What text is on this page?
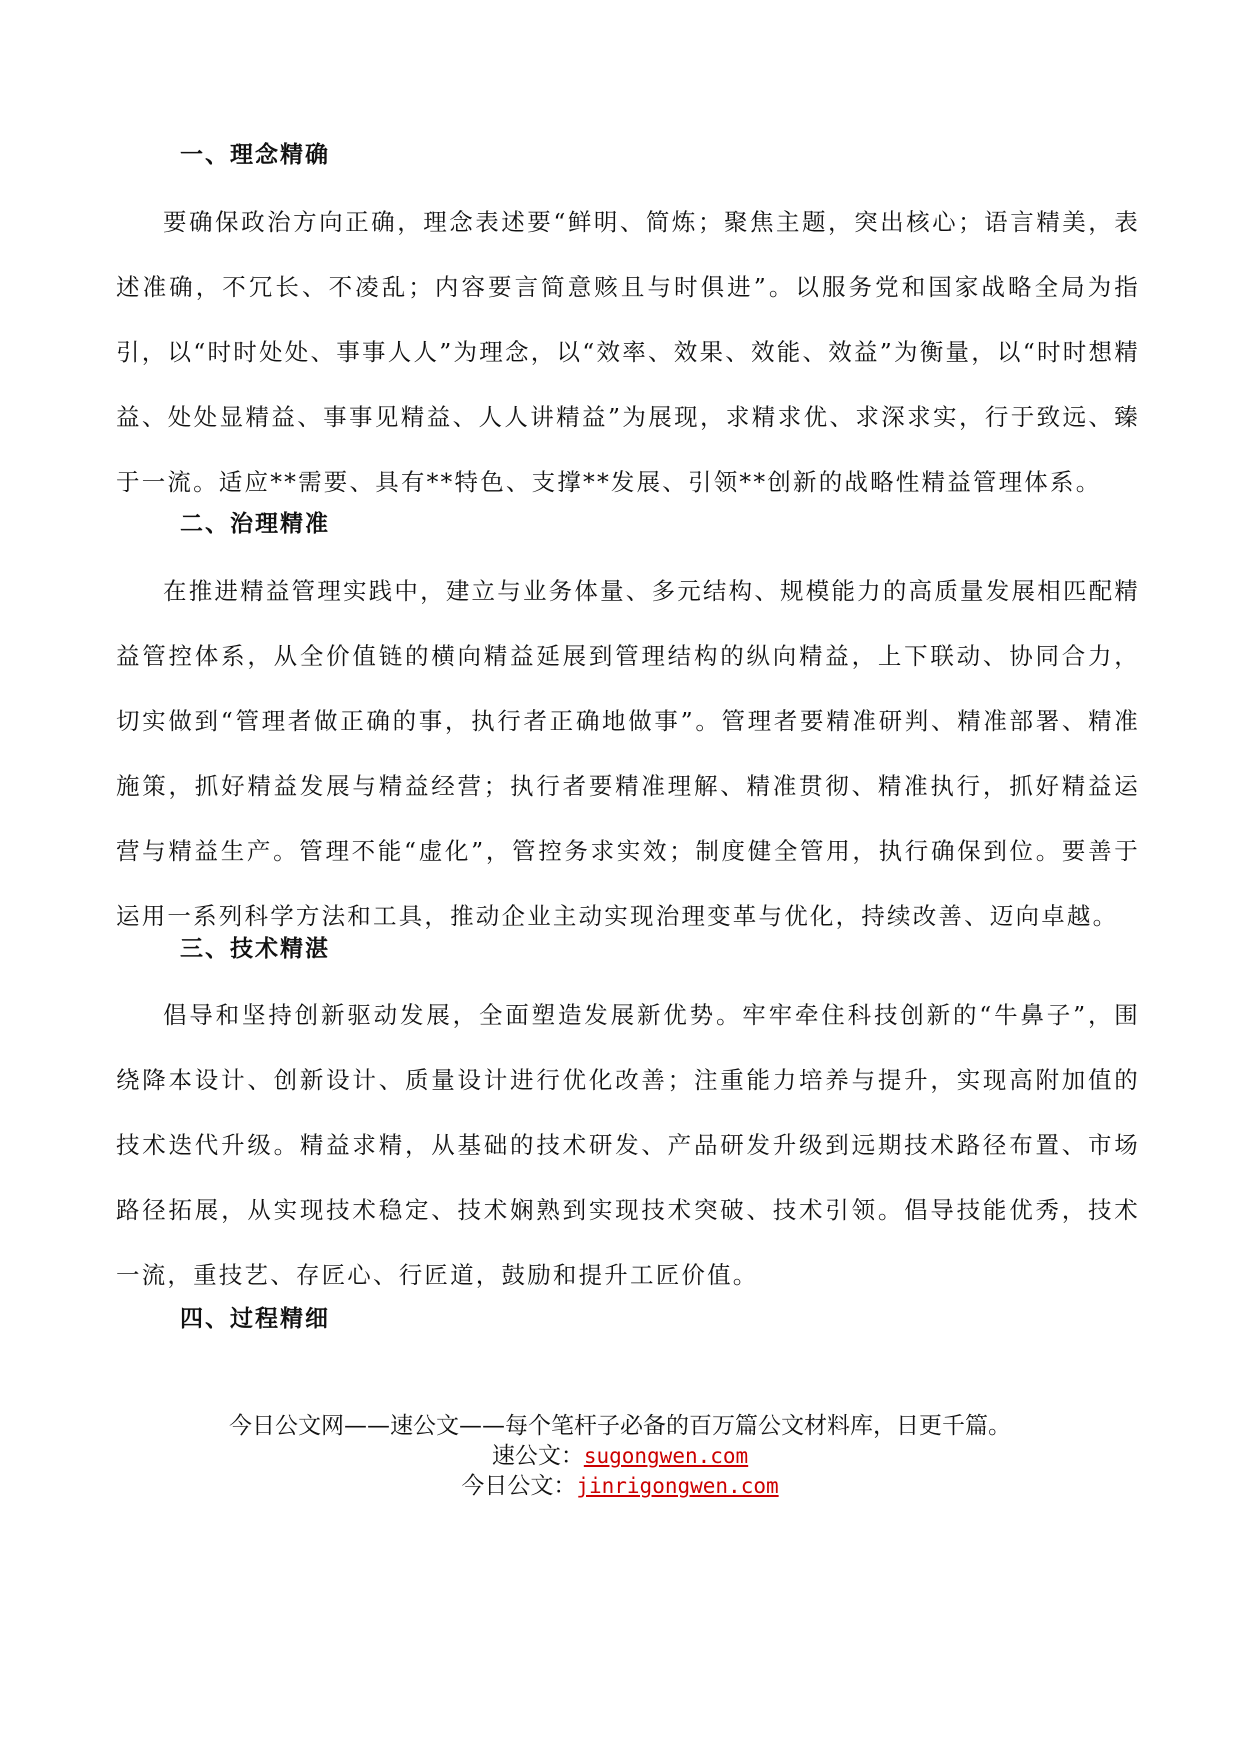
一、理念精确

要确保政治方向正确，理念表述要“鲜明、简炼；聚焦主题，突出核心；语言精美，表述准确，不冗长、不凌乱；内容要言简意赅且与时俱进”。以服务党和国家战略全局为指引，以“时时处处、事事人人”为理念，以“效率、效果、效能、效益”为衡量，以“时时想精益、处处显精益、事事见精益、人人讲精益”为展现，求精求优、求深求实，行于致远、臻于一流。适应**需要、具有**特色、支撑**发展、引领**创新的战略性精益管理体系。

二、治理精准

在推进精益管理实践中，建立与业务体量、多元结构、规模能力的高质量发展相匹配精益管控体系，从全价值链的横向精益延展到管理结构的纵向精益，上下联动、协同合力，切实做到“管理者做正确的事，执行者正确地做事”。管理者要精准研判、精准部署、精准施策，抓好精益发展与精益经营；执行者要精准理解、精准贯彻、精准执行，抓好精益运营与精益生产。管理不能“虚化”，管控务求实效；制度健全管用，执行确保到位。要善于运用一系列科学方法和工具，推动企业主动实现治理变革与优化，持续改善、迈向卓越。

三、技术精湛

倡导和坚持创新驱动发展，全面塑造发展新优势。牢牢牵住科技创新的“牛鼻子”，围绕降本设计、创新设计、质量设计进行优化改善；注重能力培养与提升，实现高附加值的技术迭代升级。精益求精，从基础的技术研发、产品研发升级到远期技术路径布置、市场路径拓展，从实现技术稳定、技术娴熟到实现技术突破、技术引领。倡导技能优秀，技术一流，重技艺、存匠心、行匠道，鼓励和提升工匠价值。

四、过程精细
今日公文网——速公文——每个笔杆子必备的百万篇公文材料库，日更千篇。
速公文：sugongwen.com
今日公文：jinrigongwen.com
